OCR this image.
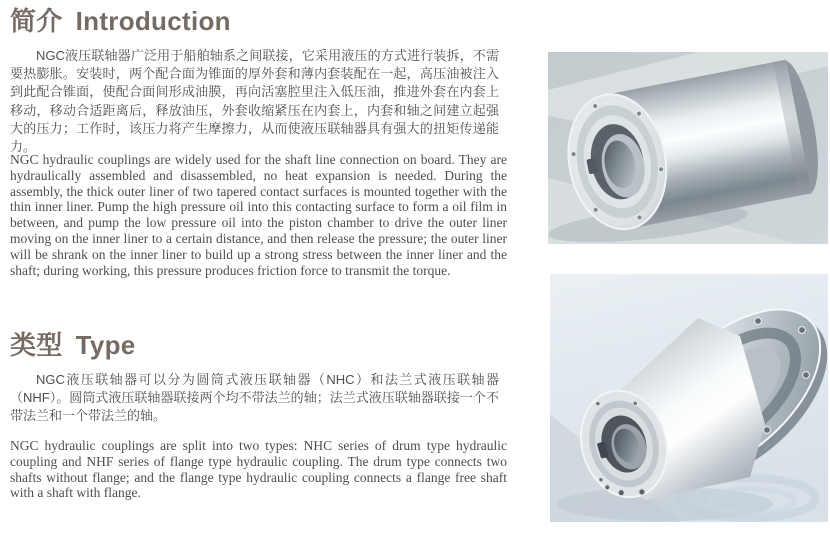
简介 Introduction

NGC液压联轴器广泛用于船舶轴系之间联接，它采用液压的方式进行装拆，不需要热膨胀。安装时，两个配合面为锥面的厚外套和薄内套装配在一起，高压油被注入到此配合锥面，使配合面间形成油膜，再向活塞腔里注入低压油，推进外套在内套上移动，移动合适距离后，释放油压，外套收缩紧压在内套上，内套和轴之间建立起强大的压力；工作时，该压力将产生摩擦力，从而使液压联轴器具有强大的扭矩传递能力。

NGC hydraulic couplings are widely used for the shaft line connection on board. They are hydraulically assembled and disassembled, no heat expansion is needed. During the assembly, the thick outer liner of two tapered contact surfaces is mounted together with the thin inner liner. Pump the high pressure oil into this contacting surface to form a oil film in between, and pump the low pressure oil into the piston chamber to drive the outer liner moving on the inner liner to a certain distance, and then release the pressure; the outer liner will be shrank on the inner liner to build up a strong stress between the inner liner and the shaft; during working, this pressure produces friction force to transmit the torque.

类型 Type

NGC液压联轴器可以分为圆筒式液压联轴器（NHC）和法兰式液压联轴器（NHF）。圆筒式液压联轴器联接两个均不带法兰的轴；法兰式液压联轴器联接一个不带法兰和一个带法兰的轴。

NGC hydraulic couplings are split into two types: NHC series of drum type hydraulic coupling and NHF series of flange type hydraulic coupling. The drum type connects two shafts without flange; and the flange type hydraulic coupling connects a flange free shaft with a shaft with flange.
